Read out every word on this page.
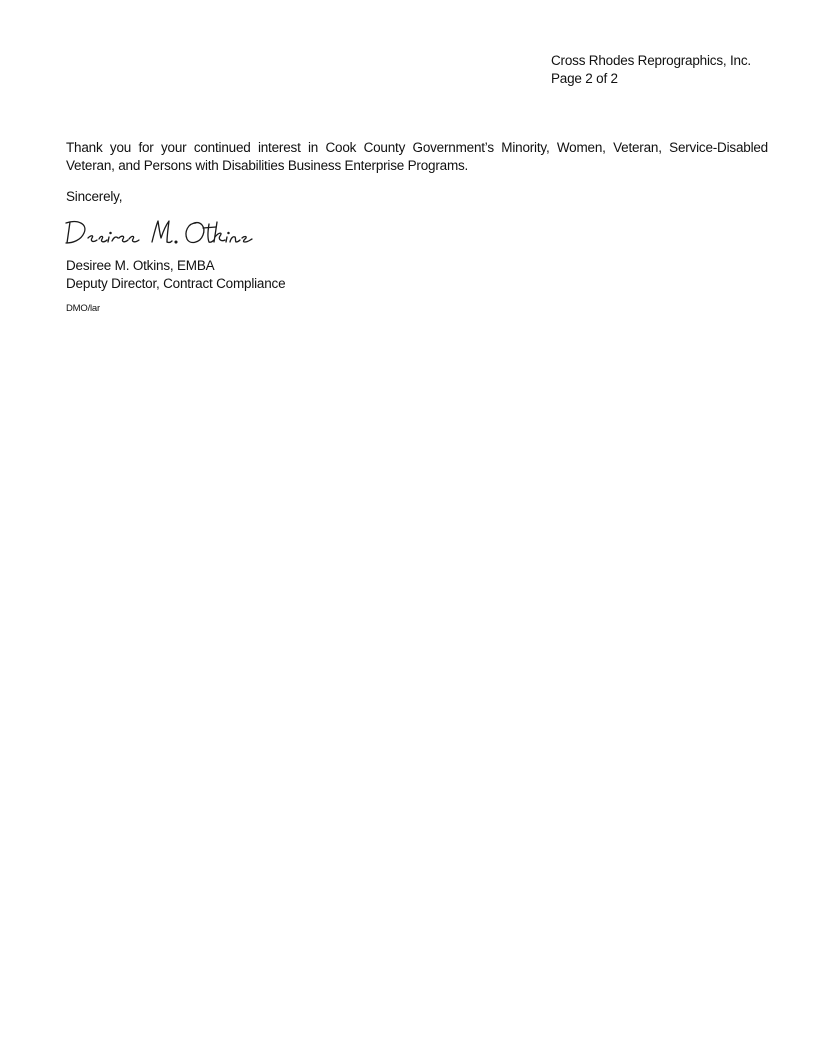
Cross Rhodes Reprographics, Inc.
Page 2 of 2
Thank you for your continued interest in Cook County Government’s Minority, Women, Veteran, Service-Disabled Veteran, and Persons with Disabilities Business Enterprise Programs.
Sincerely,
Desiree M. Otkins, EMBA
Deputy Director, Contract Compliance
DMO/lar
